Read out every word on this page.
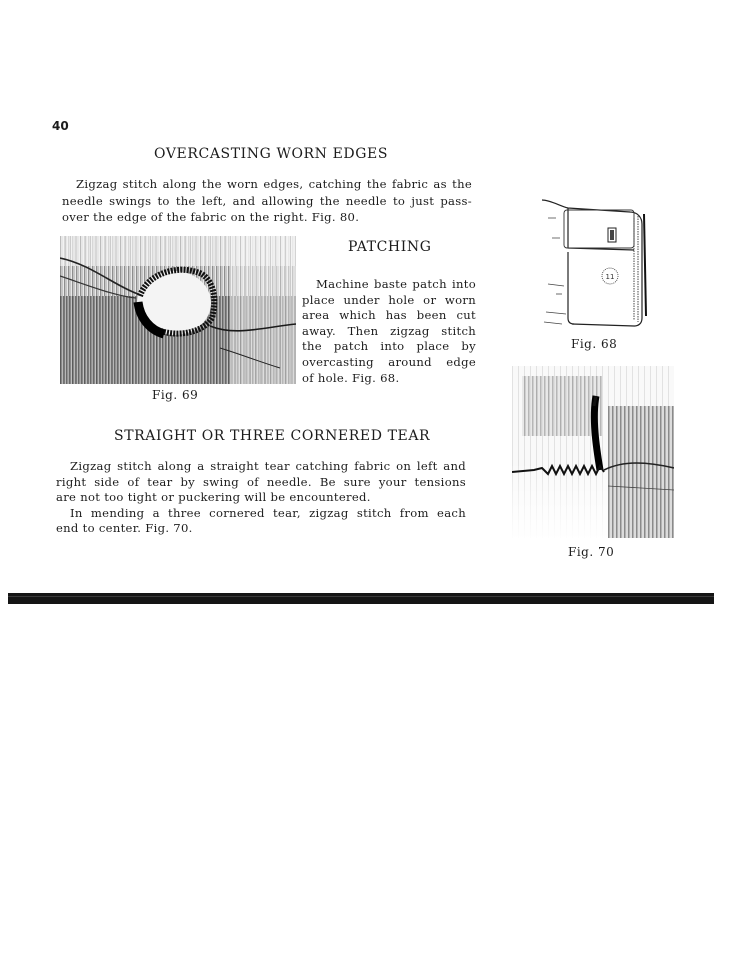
40
OVERCASTING WORN EDGES
Zigzag stitch along the worn edges, catching the fabric as the
needle swings to the left, and allowing the needle to just pass-
over the edge of the fabric on the right. Fig. 80.
Fig. 69
PATCHING
Machine baste patch into
place under hole or worn
area which has been cut
away. Then zigzag stitch
the patch into place by
overcasting around edge
of hole. Fig. 68.
11
Fig. 68
STRAIGHT OR THREE CORNERED TEAR
Zigzag stitch along a straight tear catching fabric on left and
right side of tear by swing of needle. Be sure your tensions
are not too tight or puckering will be encountered.
In mending a three cornered tear, zigzag stitch from each
end to center. Fig. 70.
Fig. 70
